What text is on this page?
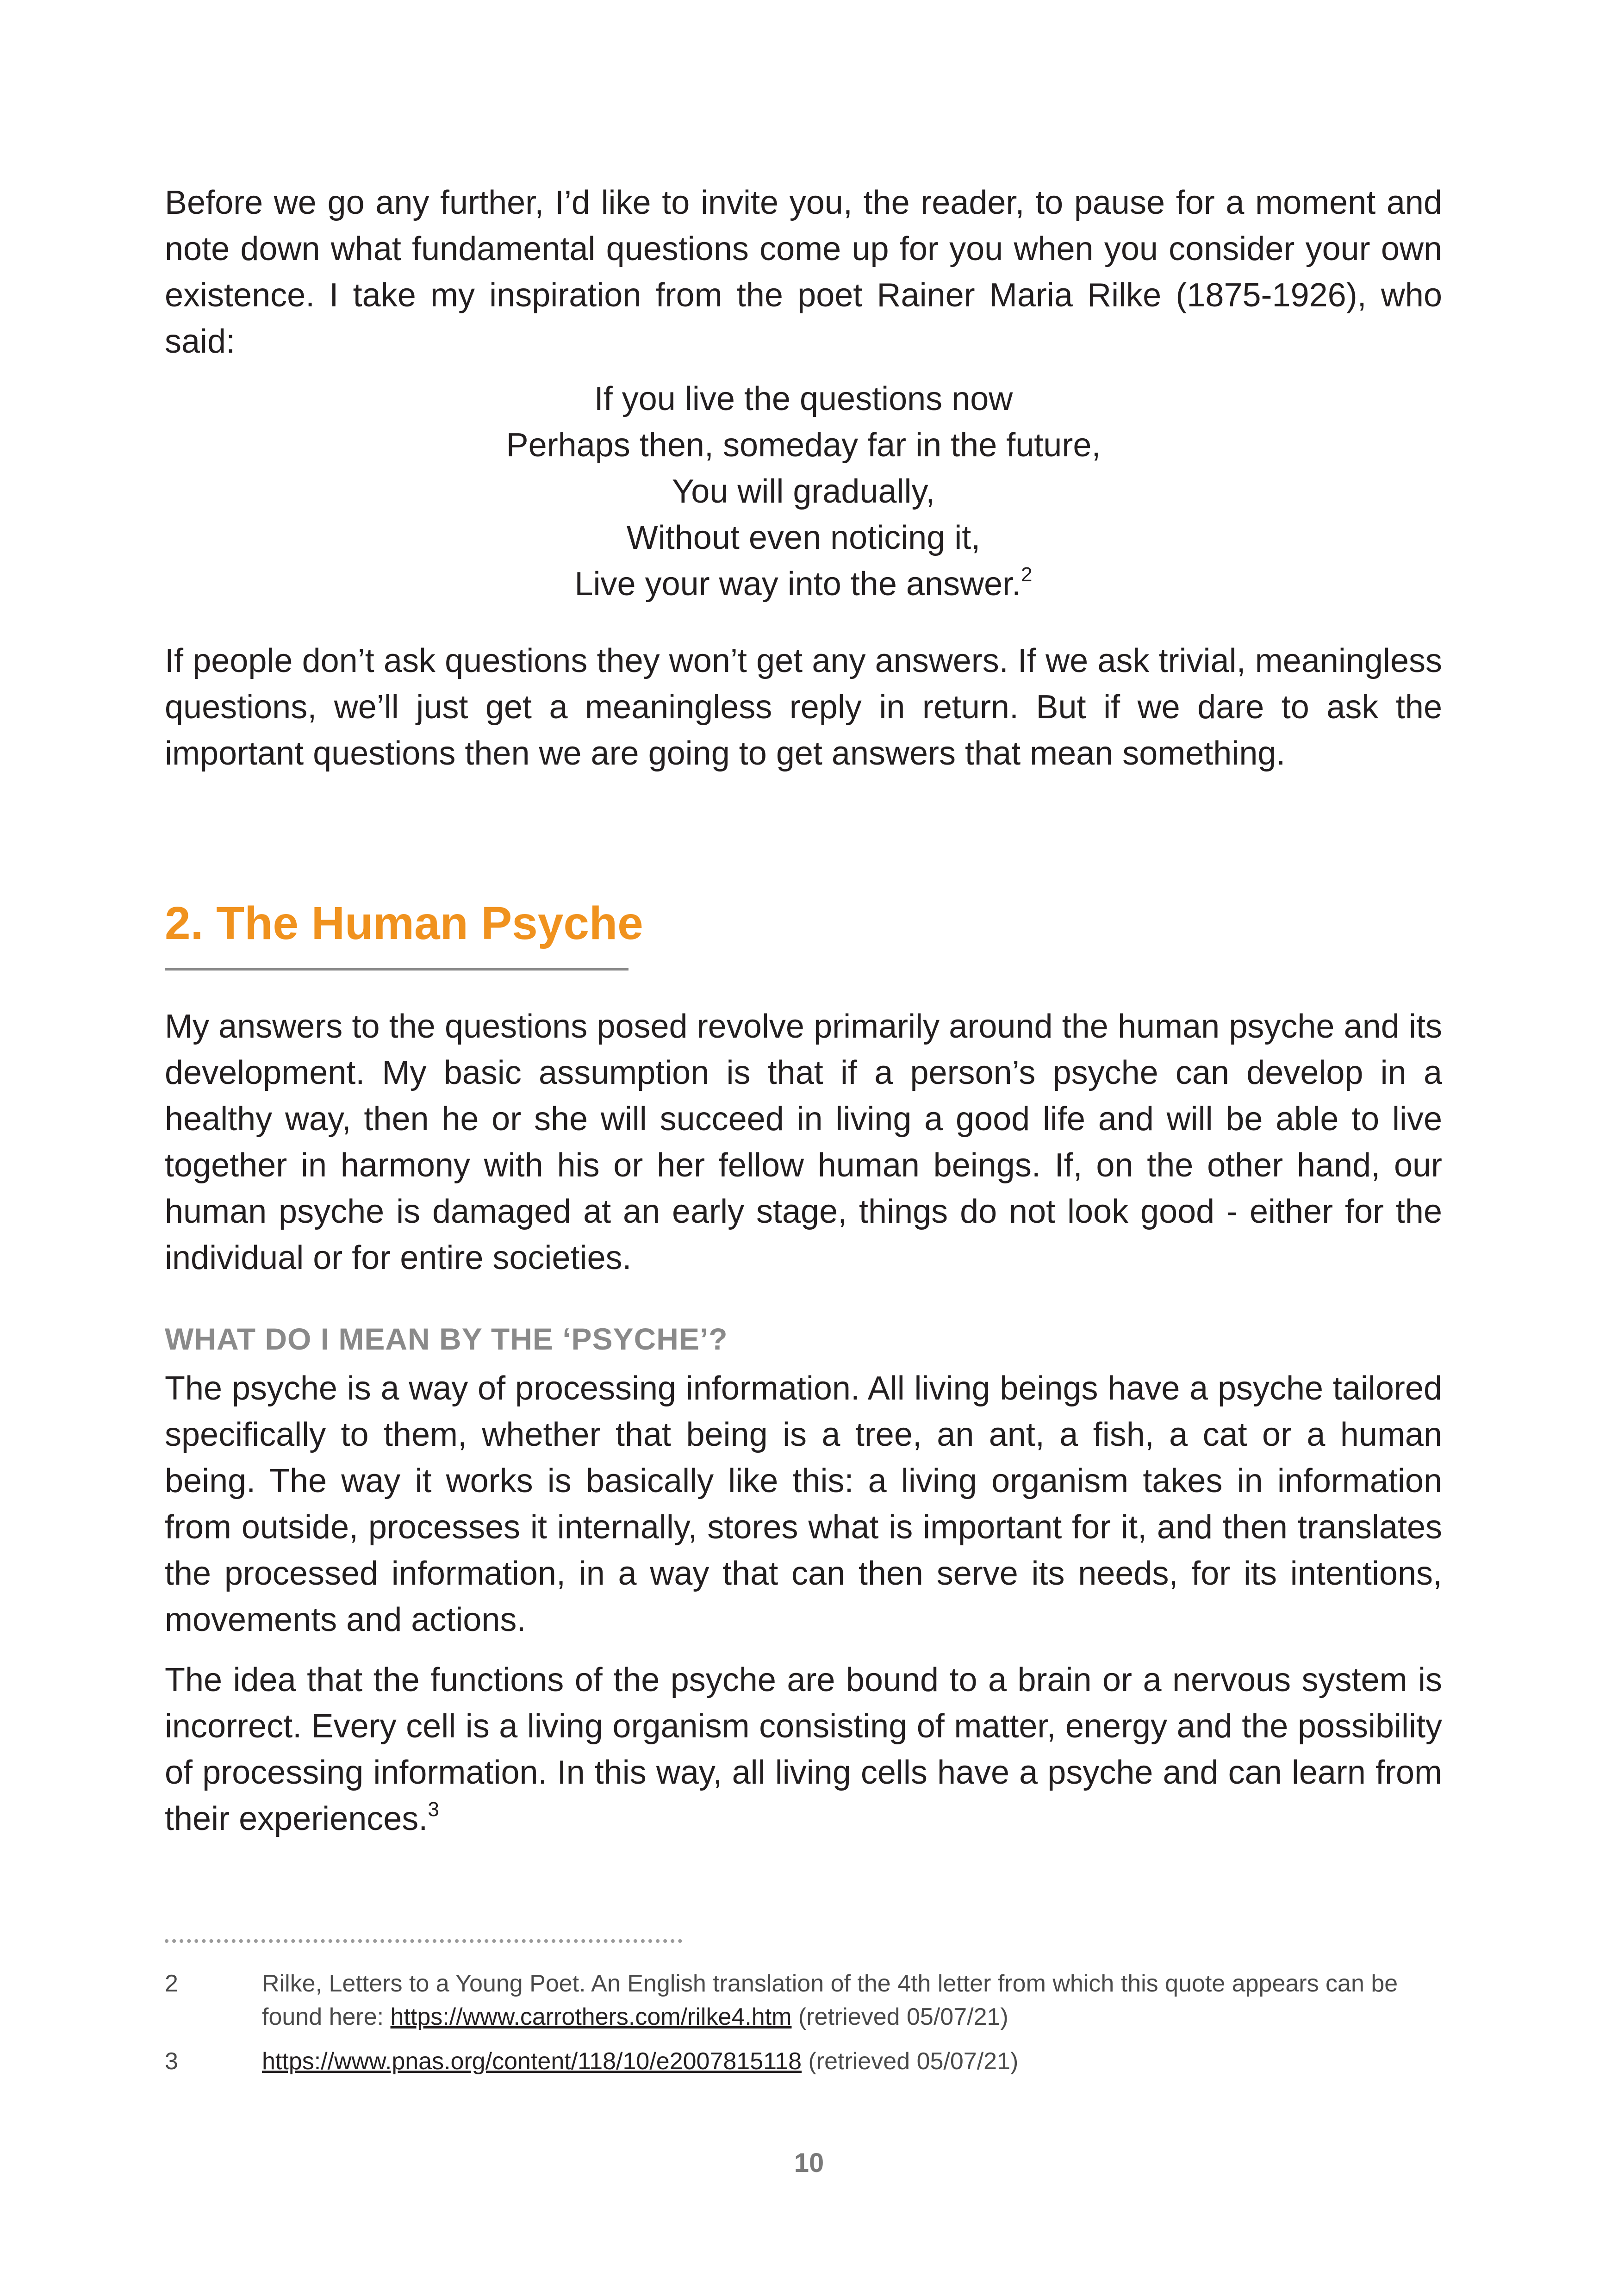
Before we go any further, I’d like to invite you, the reader, to pause for a moment and note down what fundamental questions come up for you when you consider your own existence. I take my inspiration from the poet Rainer Maria Rilke (1875-1926), who said:

If you live the questions now
Perhaps then, someday far in the future,
You will gradually,
Without even noticing it,
Live your way into the answer.$^2$

If people don’t ask questions they won’t get any answers. If we ask trivial, meaningless questions, we’ll just get a meaningless reply in return. But if we dare to ask the important questions then we are going to get answers that mean something.

2. The Human Psyche

My answers to the questions posed revolve primarily around the human psyche and its development. My basic assumption is that if a person’s psyche can develop in a healthy way, then he or she will succeed in living a good life and will be able to live together in harmony with his or her fellow human beings. If, on the other hand, our human psyche is damaged at an early stage, things do not look good - either for the individual or for entire societies.

WHAT DO I MEAN BY THE ‘PSYCHE’?

The psyche is a way of processing information. All living beings have a psyche tailored specifically to them, whether that being is a tree, an ant, a fish, a cat or a human being. The way it works is basically like this: a living organism takes in information from outside, processes it internally, stores what is important for it, and then translates the processed information, in a way that can then serve its needs, for its intentions, movements and actions.

The idea that the functions of the psyche are bound to a brain or a nervous system is incorrect. Every cell is a living organism consisting of matter, energy and the possibility of processing information. In this way, all living cells have a psyche and can learn from their experiences.$^3$

2	Rilke, Letters to a Young Poet. An English translation of the 4th letter from which this quote appears can be found here: https://www.carrothers.com/rilke4.htm (retrieved 05/07/21)
3	https://www.pnas.org/content/118/10/e2007815118 (retrieved 05/07/21)
10
